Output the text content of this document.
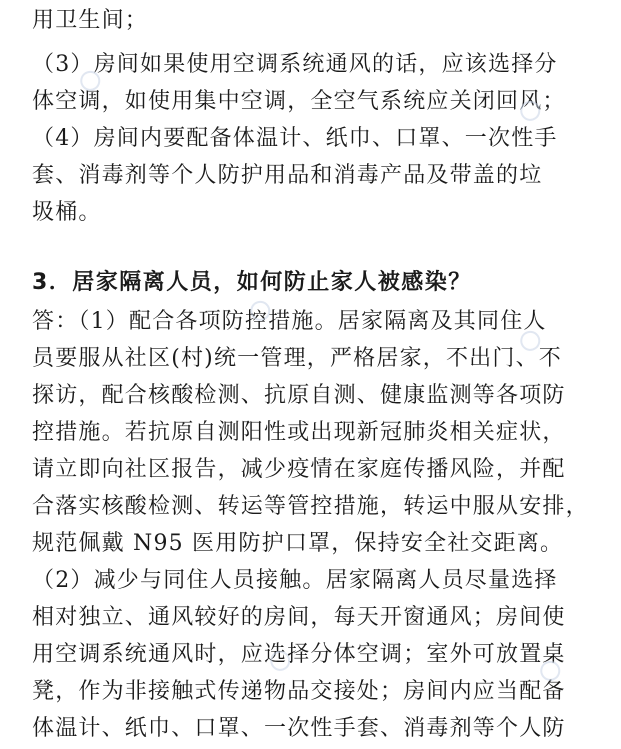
用卫生间；
（3）房间如果使用空调系统通风的话，应该选择分
体空调，如使用集中空调，全空气系统应关闭回风；
（4）房间内要配备体温计、纸巾、口罩、一次性手
套、消毒剂等个人防护用品和消毒产品及带盖的垃
圾桶。
3．居家隔离人员，如何防止家人被感染？
答：（1）配合各项防控措施。居家隔离及其同住人
员要服从社区(村)统一管理，严格居家，不出门、不
探访，配合核酸检测、抗原自测、健康监测等各项防
控措施。若抗原自测阳性或出现新冠肺炎相关症状，
请立即向社区报告，减少疫情在家庭传播风险，并配
合落实核酸检测、转运等管控措施，转运中服从安排，
规范佩戴 N95 医用防护口罩，保持安全社交距离。
（2）减少与同住人员接触。居家隔离人员尽量选择
相对独立、通风较好的房间，每天开窗通风；房间使
用空调系统通风时，应选择分体空调；室外可放置桌
凳，作为非接触式传递物品交接处；房间内应当配备
体温计、纸巾、口罩、一次性手套、消毒剂等个人防
